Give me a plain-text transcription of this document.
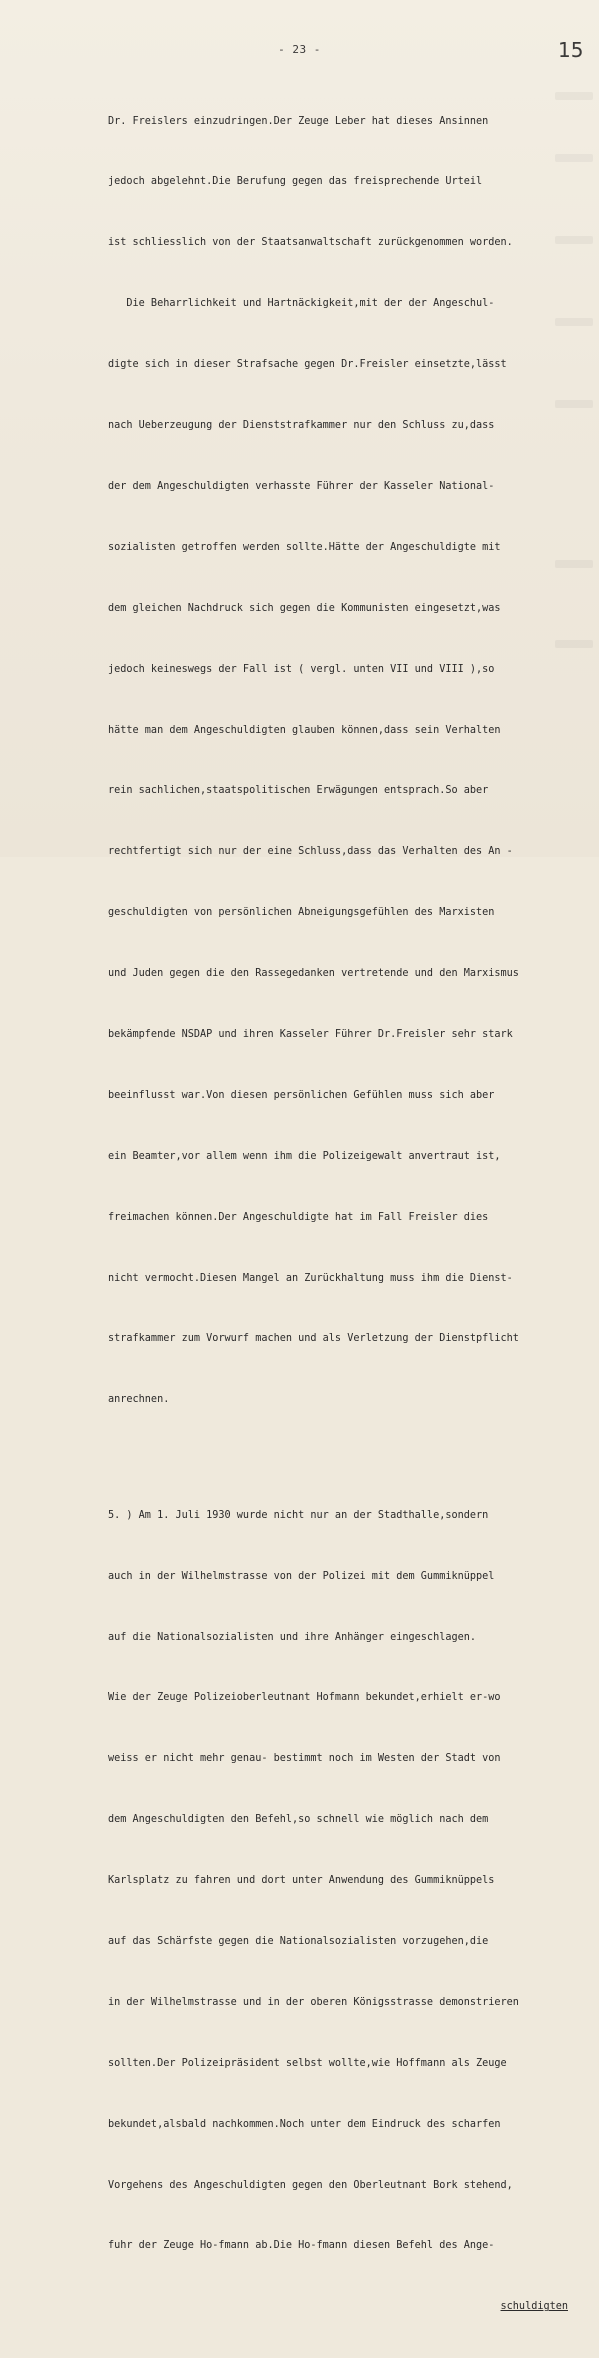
- 23 -	15

Dr. Freislers einzudringen.Der Zeuge Leber hat dieses Ansinnen

jedoch abgelehnt.Die Berufung gegen das freisprechende Urteil

ist schliesslich von der Staatsanwaltschaft zurückgenommen worden.

Die Beharrlichkeit und Hartnäckigkeit,mit der der Angeschul-

digte sich in dieser Strafsache gegen Dr.Freisler einsetzte,lässt

nach Ueberzeugung der Dienststrafkammer nur den Schluss zu,dass

der dem Angeschuldigten verhasste Führer der Kasseler National-

sozialisten getroffen werden sollte.Hätte der Angeschuldigte mit

dem gleichen Nachdruck sich gegen die Kommunisten eingesetzt,was

jedoch keineswegs der Fall ist ( vergl. unten VII und VIII ),so

hätte man dem Angeschuldigten glauben können,dass sein Verhalten

rein sachlichen,staatspolitischen Erwägungen entsprach.So aber

rechtfertigt sich nur der eine Schluss,dass das Verhalten des An -

geschuldigten von persönlichen Abneigungsgefühlen des Marxisten

und Juden gegen die den Rassegedanken vertretende und den Marxismus

bekämpfende NSDAP und ihren Kasseler Führer Dr.Freisler sehr stark

beeinflusst war.Von diesen persönlichen Gefühlen muss sich aber

ein Beamter,vor allem wenn ihm die Polizeigewalt anvertraut ist,

freimachen können.Der Angeschuldigte hat im Fall Freisler dies

nicht vermocht.Diesen Mangel an Zurückhaltung muss ihm die Dienst-

strafkammer zum Vorwurf machen und als Verletzung der Dienstpflicht

anrechnen.

5. ) Am 1. Juli 1930 wurde nicht nur an der Stadthalle,sondern

auch in der Wilhelmstrasse von der Polizei mit dem Gummiknüppel

auf die Nationalsozialisten und ihre Anhänger eingeschlagen.

Wie der Zeuge Polizeioberleutnant Hofmann bekundet,erhielt er-wo

weiss er nicht mehr genau- bestimmt noch im Westen der Stadt von

dem Angeschuldigten den Befehl,so schnell wie möglich nach dem

Karlsplatz zu fahren und dort unter Anwendung des Gummiknüppels

auf das Schärfste gegen die Nationalsozialisten vorzugehen,die

in der Wilhelmstrasse und in der oberen Königsstrasse demonstrieren

sollten.Der Polizeipräsident selbst wollte,wie Hoffmann als Zeuge

bekundet,alsbald nachkommen.Noch unter dem Eindruck des scharfen

Vorgehens des Angeschuldigten gegen den Oberleutnant Bork stehend,

fuhr der Zeuge Ho-fmann ab.Die Ho-fmann diesen Befehl des Ange-

schuldigten
